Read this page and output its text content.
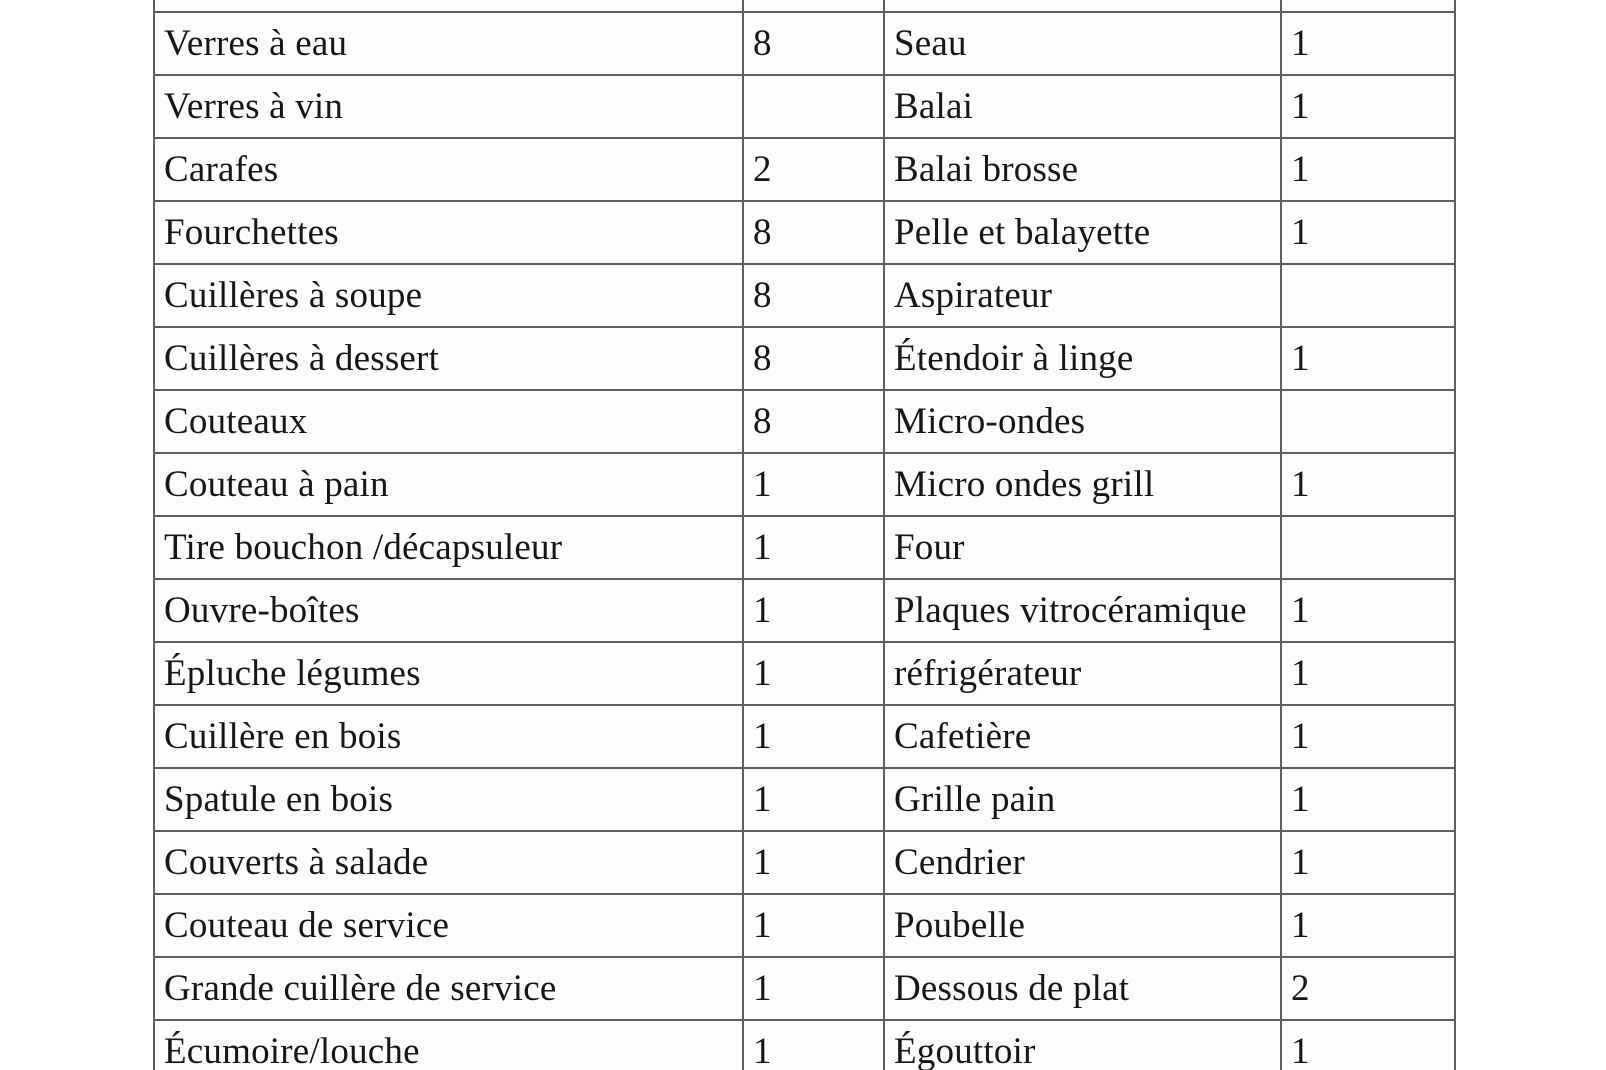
Verres à eau	8	Seau	1
Verres à vin		Balai	1
Carafes	2	Balai brosse	1
Fourchettes	8	Pelle et balayette	1
Cuillères à soupe	8	Aspirateur	
Cuillères à dessert	8	Étendoir à linge	1
Couteaux	8	Micro-ondes	
Couteau à pain	1	Micro ondes grill	1
Tire bouchon /décapsuleur	1	Four	
Ouvre-boîtes	1	Plaques vitrocéramique	1
Épluche légumes	1	réfrigérateur	1
Cuillère en bois	1	Cafetière	1
Spatule en bois	1	Grille pain	1
Couverts à salade	1	Cendrier	1
Couteau de service	1	Poubelle	1
Grande cuillère de service	1	Dessous de plat	2
Écumoire/louche	1	Égouttoir	1
